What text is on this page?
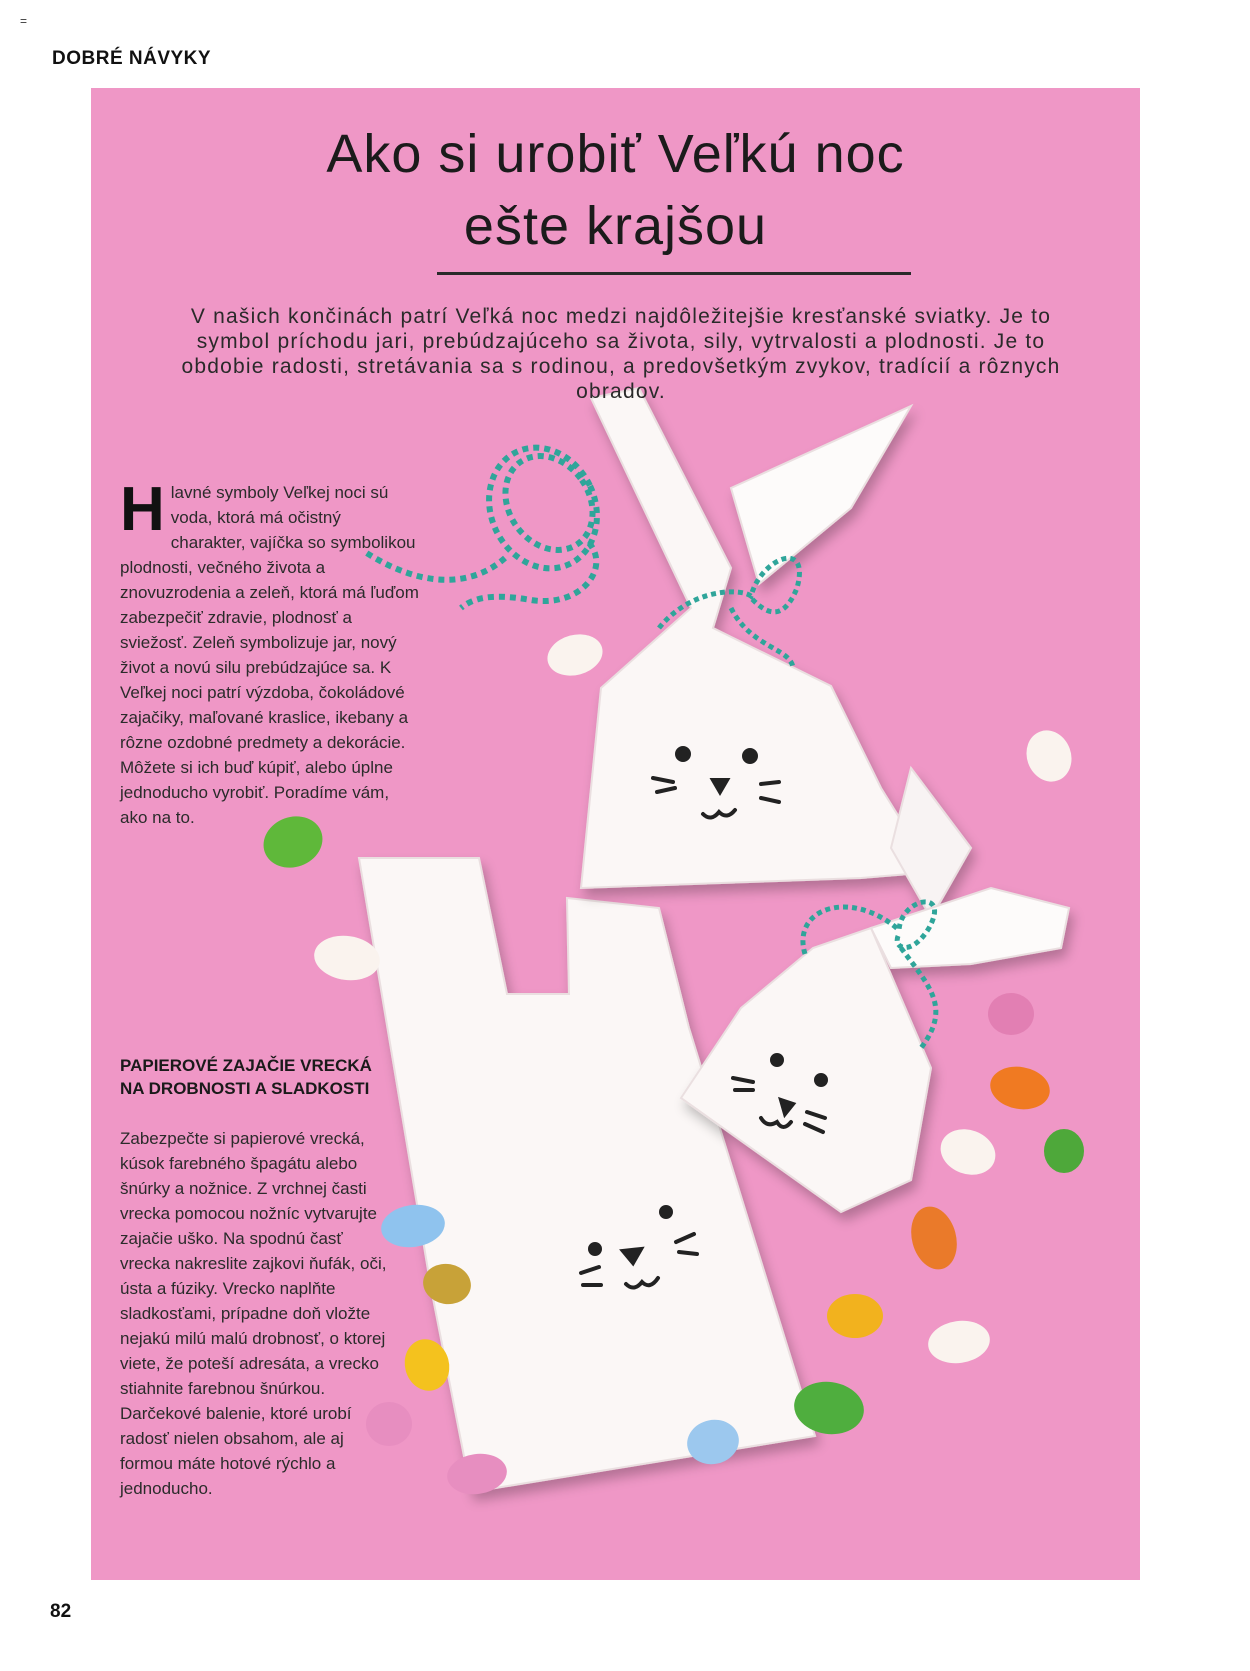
=
DOBRÉ NÁVYKY
Ako si urobiť Veľkú noc
ešte krajšou
V našich končinách patrí Veľká noc medzi najdôležitejšie kresťanské sviatky. Je to symbol príchodu jari, prebúdzajúceho sa života, sily, vytrvalosti a plodnosti. Je to obdobie radosti, stretávania sa s rodinou, a predovšetkým zvykov, tradícií a rôznych obradov.
H lavné symboly Veľkej noci sú voda, ktorá má očistný charakter, vajíčka so symbolikou plodnosti, večného života a znovuzrodenia a zeleň, ktorá má ľuďom zabezpečiť zdravie, plodnosť a sviežosť. Zeleň symbolizuje jar, nový život a novú silu prebúdzajúce sa. K Veľkej noci patrí výzdoba, čokoládové zajačiky, maľované kraslice, ikebany a rôzne ozdobné predmety a dekorácie. Môžete si ich buď kúpiť, alebo úplne jednoducho vyrobiť. Poradíme vám, ako na to.
PAPIEROVÉ ZAJAČIE VRECKÁ NA DROBNOSTI A SLADKOSTI
Zabezpečte si papierové vrecká, kúsok farebného špagátu alebo šnúrky a nožnice. Z vrchnej časti vrecka pomocou nožníc vytvarujte zajačie uško. Na spodnú časť vrecka nakreslite zajkovi ňufák, oči, ústa a fúziky. Vrecko naplňte sladkosťami, prípadne doň vložte nejakú milú malú drobnosť, o ktorej viete, že poteší adresáta, a vrecko stiahnite farebnou šnúrkou. Darčekové balenie, ktoré urobí radosť nielen obsahom, ale aj formou máte hotové rýchlo a jednoducho.
82
